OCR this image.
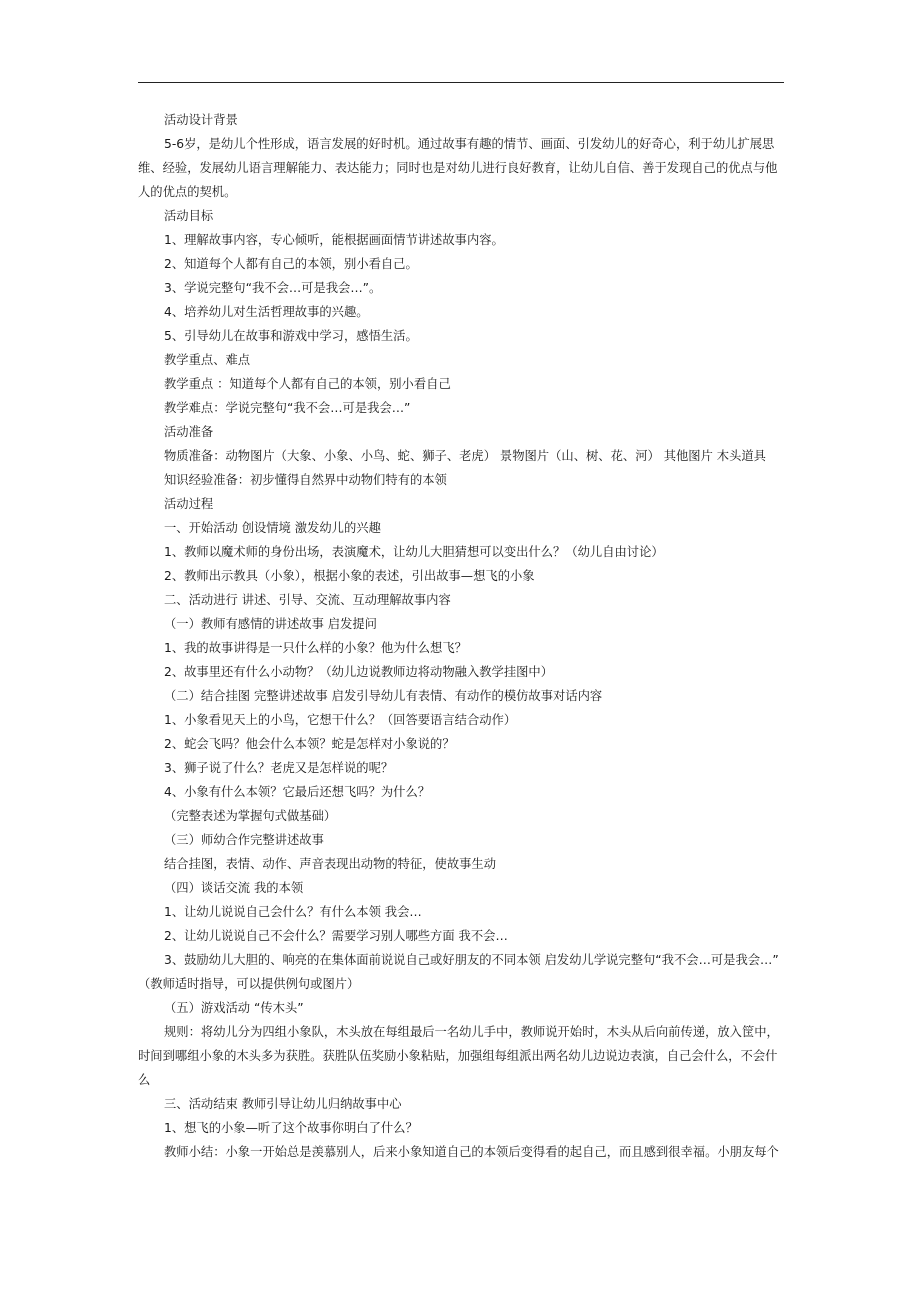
活动设计背景
5-6岁，是幼儿个性形成，语言发展的好时机。通过故事有趣的情节、画面、引发幼儿的好奇心，利于幼儿扩展思
维、经验，发展幼儿语言理解能力、表达能力；同时也是对幼儿进行良好教育，让幼儿自信、善于发现自己的优点与他
人的优点的契机。
活动目标
1、理解故事内容，专心倾听，能根据画面情节讲述故事内容。
2、知道每个人都有自己的本领，别小看自己。
3、学说完整句“我不会…可是我会…”。
4、培养幼儿对生活哲理故事的兴趣。
5、引导幼儿在故事和游戏中学习，感悟生活。
教学重点、难点
教学重点 ：知道每个人都有自己的本领，别小看自己
教学难点：学说完整句“我不会…可是我会…”
活动准备
物质准备：动物图片（大象、小象、小鸟、蛇、狮子、老虎） 景物图片（山、树、花、河） 其他图片 木头道具
知识经验准备：初步懂得自然界中动物们特有的本领
活动过程
一、开始活动 创设情境 激发幼儿的兴趣
1、教师以魔术师的身份出场，表演魔术，让幼儿大胆猜想可以变出什么？（幼儿自由讨论）
2、教师出示教具（小象），根据小象的表述，引出故事—想飞的小象
二、活动进行 讲述、引导、交流、互动理解故事内容
（一）教师有感情的讲述故事 启发提问
1、我的故事讲得是一只什么样的小象？他为什么想飞？
2、故事里还有什么小动物？（幼儿边说教师边将动物融入教学挂图中）
（二）结合挂图 完整讲述故事 启发引导幼儿有表情、有动作的模仿故事对话内容
1、小象看见天上的小鸟，它想干什么？（回答要语言结合动作）
2、蛇会飞吗？他会什么本领？蛇是怎样对小象说的？
3、狮子说了什么？老虎又是怎样说的呢？
4、小象有什么本领？它最后还想飞吗？为什么？
（完整表述为掌握句式做基础）
（三）师幼合作完整讲述故事
结合挂图，表情、动作、声音表现出动物的特征，使故事生动
（四）谈话交流 我的本领
1、让幼儿说说自己会什么？有什么本领 我会…
2、让幼儿说说自己不会什么？需要学习别人哪些方面 我不会…
3、鼓励幼儿大胆的、响亮的在集体面前说说自己或好朋友的不同本领 启发幼儿学说完整句“我不会…可是我会…”
（教师适时指导，可以提供例句或图片）
（五）游戏活动 “传木头”
规则：将幼儿分为四组小象队，木头放在每组最后一名幼儿手中，教师说开始时，木头从后向前传递，放入筐中，
时间到哪组小象的木头多为获胜。获胜队伍奖励小象粘贴，加强组每组派出两名幼儿边说边表演，自己会什么，不会什
么
三、活动结束 教师引导让幼儿归纳故事中心
1、想飞的小象—听了这个故事你明白了什么？
教师小结：小象一开始总是羡慕别人，后来小象知道自己的本领后变得看的起自己，而且感到很幸福。小朋友每个
